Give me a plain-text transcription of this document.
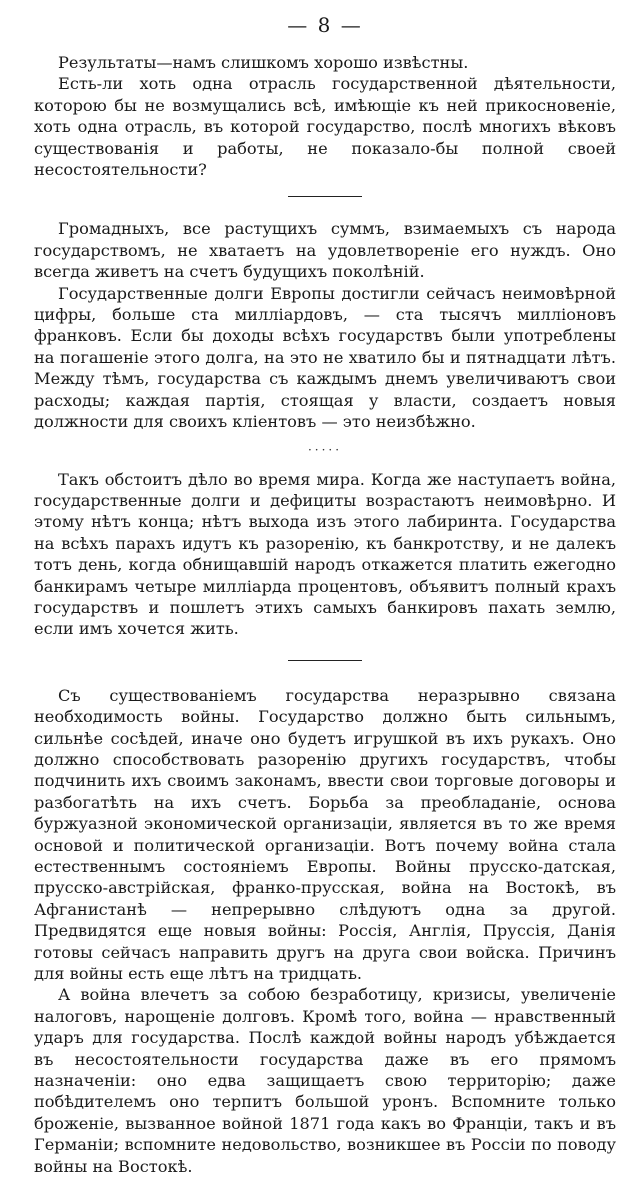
— 8 —

Результаты—намъ слишкомъ хорошо извѣстны.

Есть-ли хоть одна отрасль государственной дѣятельности, которою бы не возмущались всѣ, имѣющіе къ ней прикосновеніе, хоть одна отрасль, въ которой государство, послѣ многихъ вѣковъ существованія и работы, не показало-бы полной своей несостоятельности?

Громадныхъ, все растущихъ суммъ, взимаемыхъ съ народа государствомъ, не хватаетъ на удовлетвореніе его нуждъ. Оно всегда живетъ на счетъ будущихъ поколѣній.

Государственные долги Европы достигли сейчасъ неимовѣрной цифры, больше ста милліардовъ, — ста тысячъ милліоновъ франковъ. Если бы доходы всѣхъ государствъ были употреблены на погашеніе этого долга, на это не хватило бы и пятнадцати лѣтъ. Между тѣмъ, государства съ каждымъ днемъ увеличиваютъ свои расходы; каждая партія, стоящая у власти, создаетъ новыя должности для своихъ кліентовъ — это неизбѣжно.

·····

Такъ обстоитъ дѣло во время мира. Когда же наступаетъ война, государственные долги и дефициты возрастаютъ неимовѣрно. И этому нѣтъ конца; нѣтъ выхода изъ этого лабиринта. Государства на всѣхъ парахъ идутъ къ разоренію, къ банкротству, и не далекъ тотъ день, когда обнищавшій народъ откажется платить ежегодно банкирамъ четыре милліарда процентовъ, объявитъ полный крахъ государствъ и пошлетъ этихъ самыхъ банкировъ пахать землю, если имъ хочется жить.

Съ существованіемъ государства неразрывно связана необходимость войны. Государство должно быть сильнымъ, сильнѣе сосѣдей, иначе оно будетъ игрушкой въ ихъ рукахъ. Оно должно способствовать разоренію другихъ государствъ, чтобы подчинить ихъ своимъ законамъ, ввести свои торговые договоры и разбогатѣть на ихъ счетъ. Борьба за преобладаніе, основа буржуазной экономической организаціи, является въ то же время основой и политической организаціи. Вотъ почему война стала естественнымъ состояніемъ Европы. Войны прусско-датская, прусско-австрійская, франко-прусская, война на Востокѣ, въ Афганистанѣ — непрерывно слѣдуютъ одна за другой. Предвидятся еще новыя войны: Россія, Англія, Пруссія, Данія готовы сейчасъ направить другъ на друга свои войска. Причинъ для войны есть еще лѣтъ на тридцать.

А война влечетъ за собою безработицу, кризисы, увеличеніе налоговъ, нарощеніе долговъ. Кромѣ того, война — нравственный ударъ для государства. Послѣ каждой войны народъ убѣждается въ несостоятельности государства даже въ его прямомъ назначеніи: оно едва защищаетъ свою территорію; даже побѣдителемъ оно терпитъ большой уронъ. Вспомните только броженіе, вызванное войной 1871 года какъ во Франціи, такъ и въ Германіи; вспомните недовольство, возникшее въ Россіи по поводу войны на Востокѣ.
